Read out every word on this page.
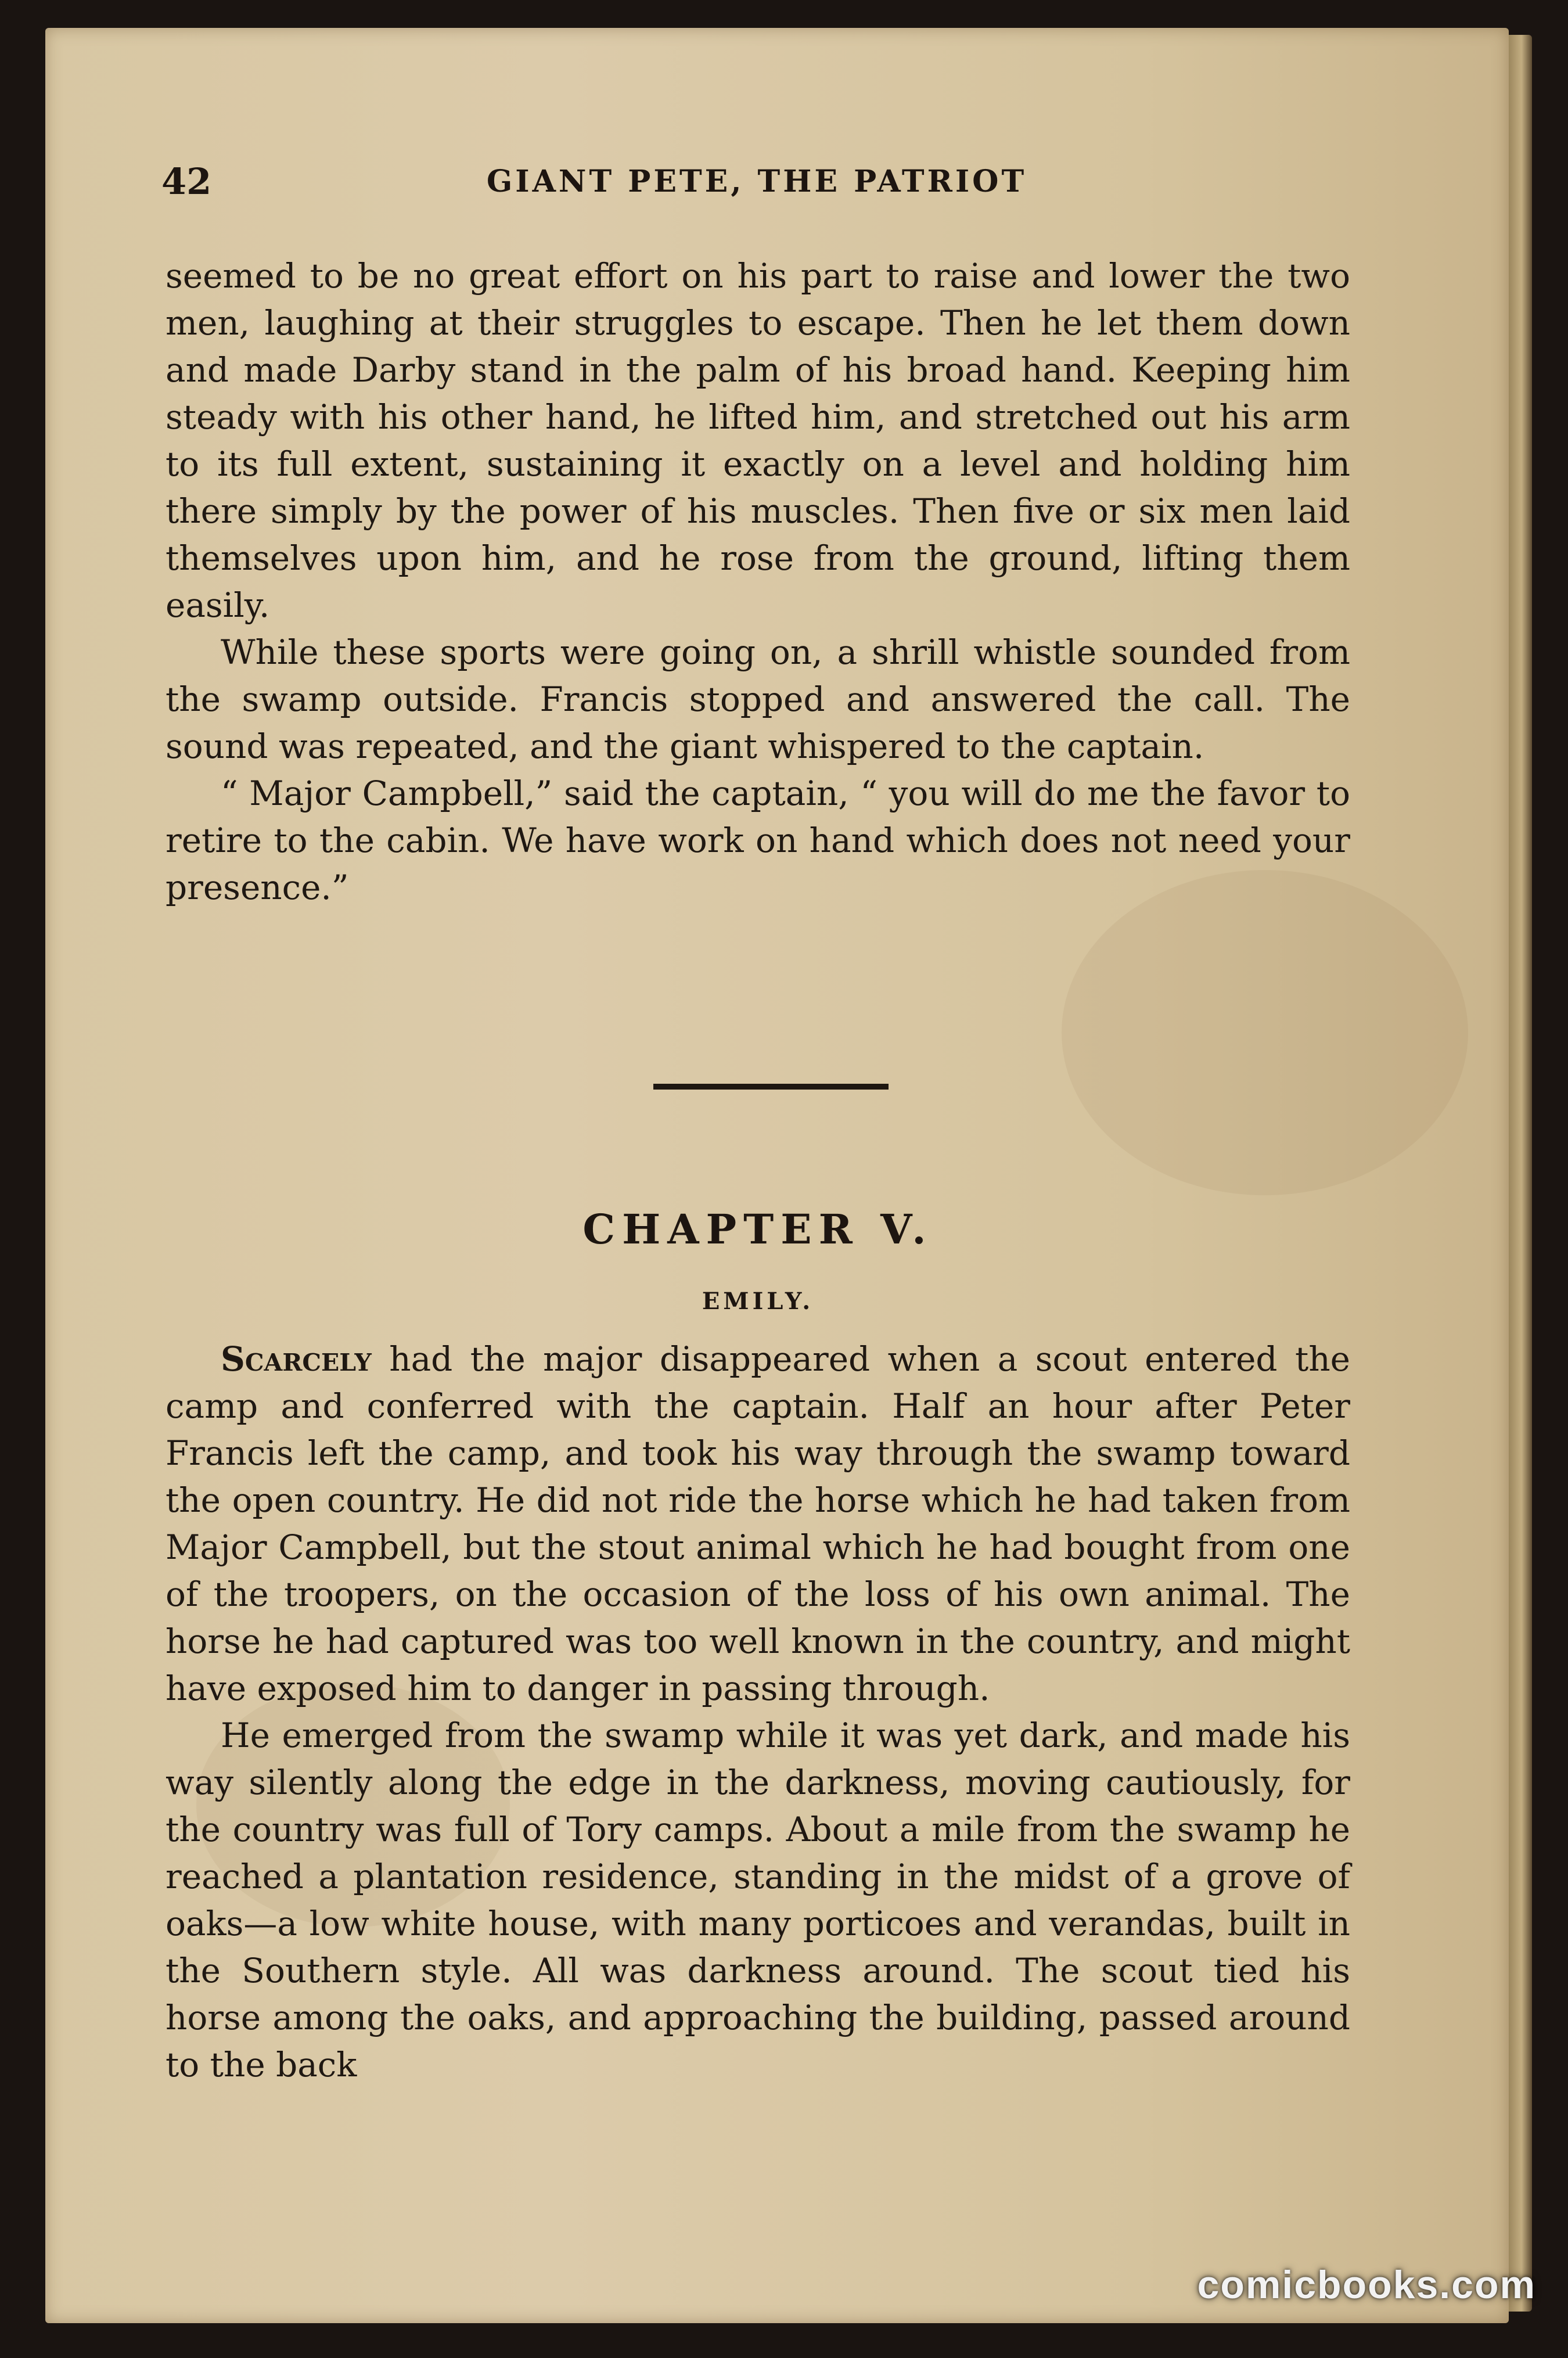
42	GIANT PETE, THE PATRIOT

seemed to be no great effort on his part to raise and lower the two men, laughing at their struggles to escape. Then he let them down and made Darby stand in the palm of his broad hand. Keeping him steady with his other hand, he lifted him, and stretched out his arm to its full extent, sustaining it exactly on a level and holding him there simply by the power of his muscles. Then five or six men laid themselves upon him, and he rose from the ground, lifting them easily.

While these sports were going on, a shrill whistle sounded from the swamp outside. Francis stopped and answered the call. The sound was repeated, and the giant whispered to the captain.

“ Major Campbell,” said the captain, “ you will do me the favor to retire to the cabin. We have work on hand which does not need your presence.”

CHAPTER V.
EMILY.

Scarcely had the major disappeared when a scout entered the camp and conferred with the captain. Half an hour after Peter Francis left the camp, and took his way through the swamp toward the open country. He did not ride the horse which he had taken from Major Campbell, but the stout animal which he had bought from one of the troopers, on the occasion of the loss of his own animal. The horse he had captured was too well known in the country, and might have exposed him to danger in passing through.

He emerged from the swamp while it was yet dark, and made his way silently along the edge in the darkness, moving cautiously, for the country was full of Tory camps. About a mile from the swamp he reached a plantation residence, standing in the midst of a grove of oaks—a low white house, with many porticoes and verandas, built in the Southern style. All was darkness around. The scout tied his horse among the oaks, and approaching the building, passed around to the back

comicbooks.com
